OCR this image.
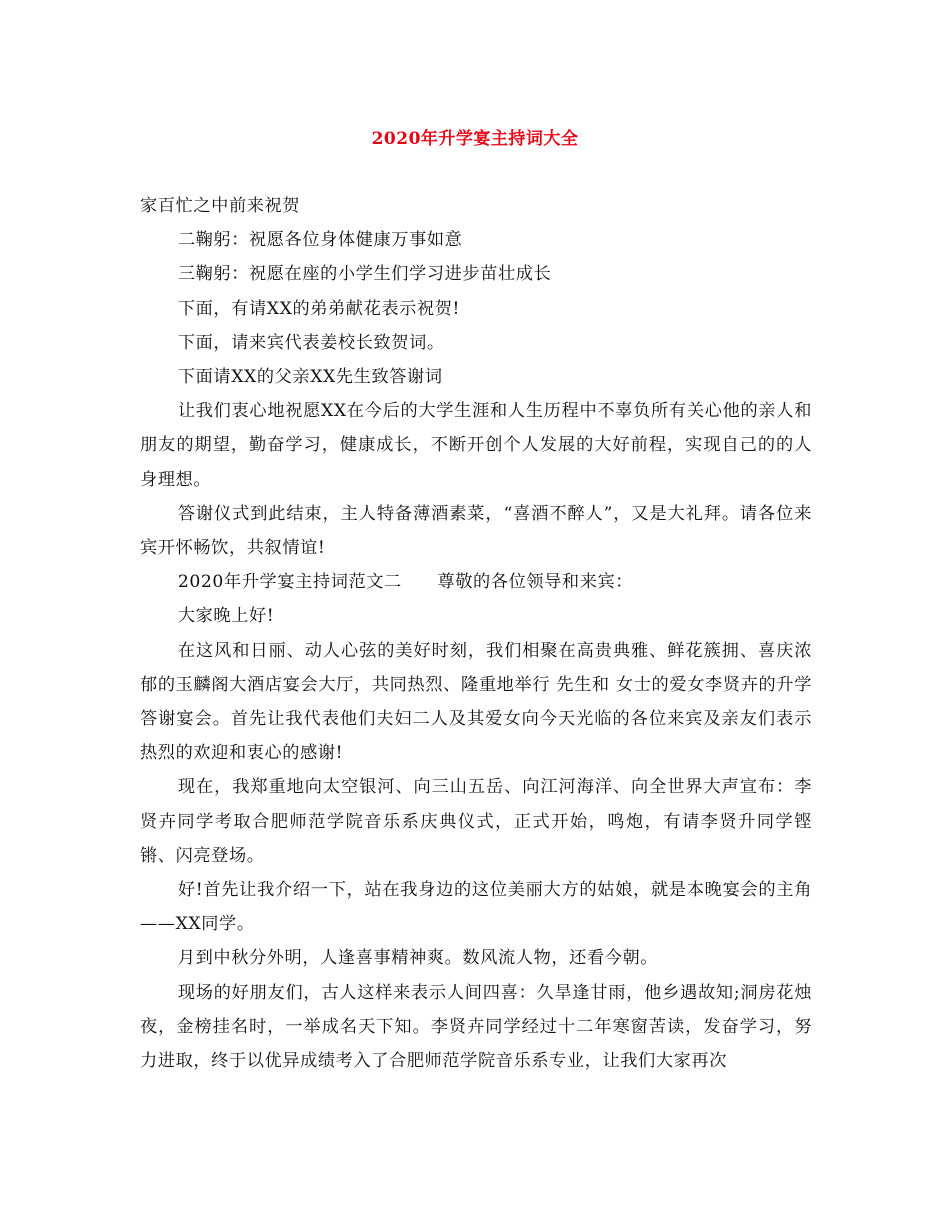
2020年升学宴主持词大全

家百忙之中前来祝贺

二鞠躬：祝愿各位身体健康万事如意

三鞠躬：祝愿在座的小学生们学习进步苗壮成长

下面，有请XX的弟弟献花表示祝贺!

下面，请来宾代表姜校长致贺词。

下面请XX的父亲XX先生致答谢词

让我们衷心地祝愿XX在今后的大学生涯和人生历程中不辜负所有关心他的亲人和朋友的期望，勤奋学习，健康成长，不断开创个人发展的大好前程，实现自己的的人身理想。

答谢仪式到此结束，主人特备薄酒素菜，“喜酒不醉人”，又是大礼拜。请各位来宾开怀畅饮，共叙情谊!

2020年升学宴主持词范文二　　尊敬的各位领导和来宾：

大家晚上好!

在这风和日丽、动人心弦的美好时刻，我们相聚在高贵典雅、鲜花簇拥、喜庆浓郁的玉麟阁大酒店宴会大厅，共同热烈、隆重地举行 先生和 女士的爱女李贤卉的升学答谢宴会。首先让我代表他们夫妇二人及其爱女向今天光临的各位来宾及亲友们表示热烈的欢迎和衷心的感谢!

现在，我郑重地向太空银河、向三山五岳、向江河海洋、向全世界大声宣布：李贤卉同学考取合肥师范学院音乐系庆典仪式，正式开始，鸣炮，有请李贤升同学铿锵、闪亮登场。

好!首先让我介绍一下，站在我身边的这位美丽大方的姑娘，就是本晚宴会的主角——XX同学。

月到中秋分外明，人逢喜事精神爽。数风流人物，还看今朝。

现场的好朋友们，古人这样来表示人间四喜：久旱逢甘雨，他乡遇故知;洞房花烛夜，金榜挂名时，一举成名天下知。李贤卉同学经过十二年寒窗苦读，发奋学习，努力进取，终于以优异成绩考入了合肥师范学院音乐系专业，让我们大家再次
